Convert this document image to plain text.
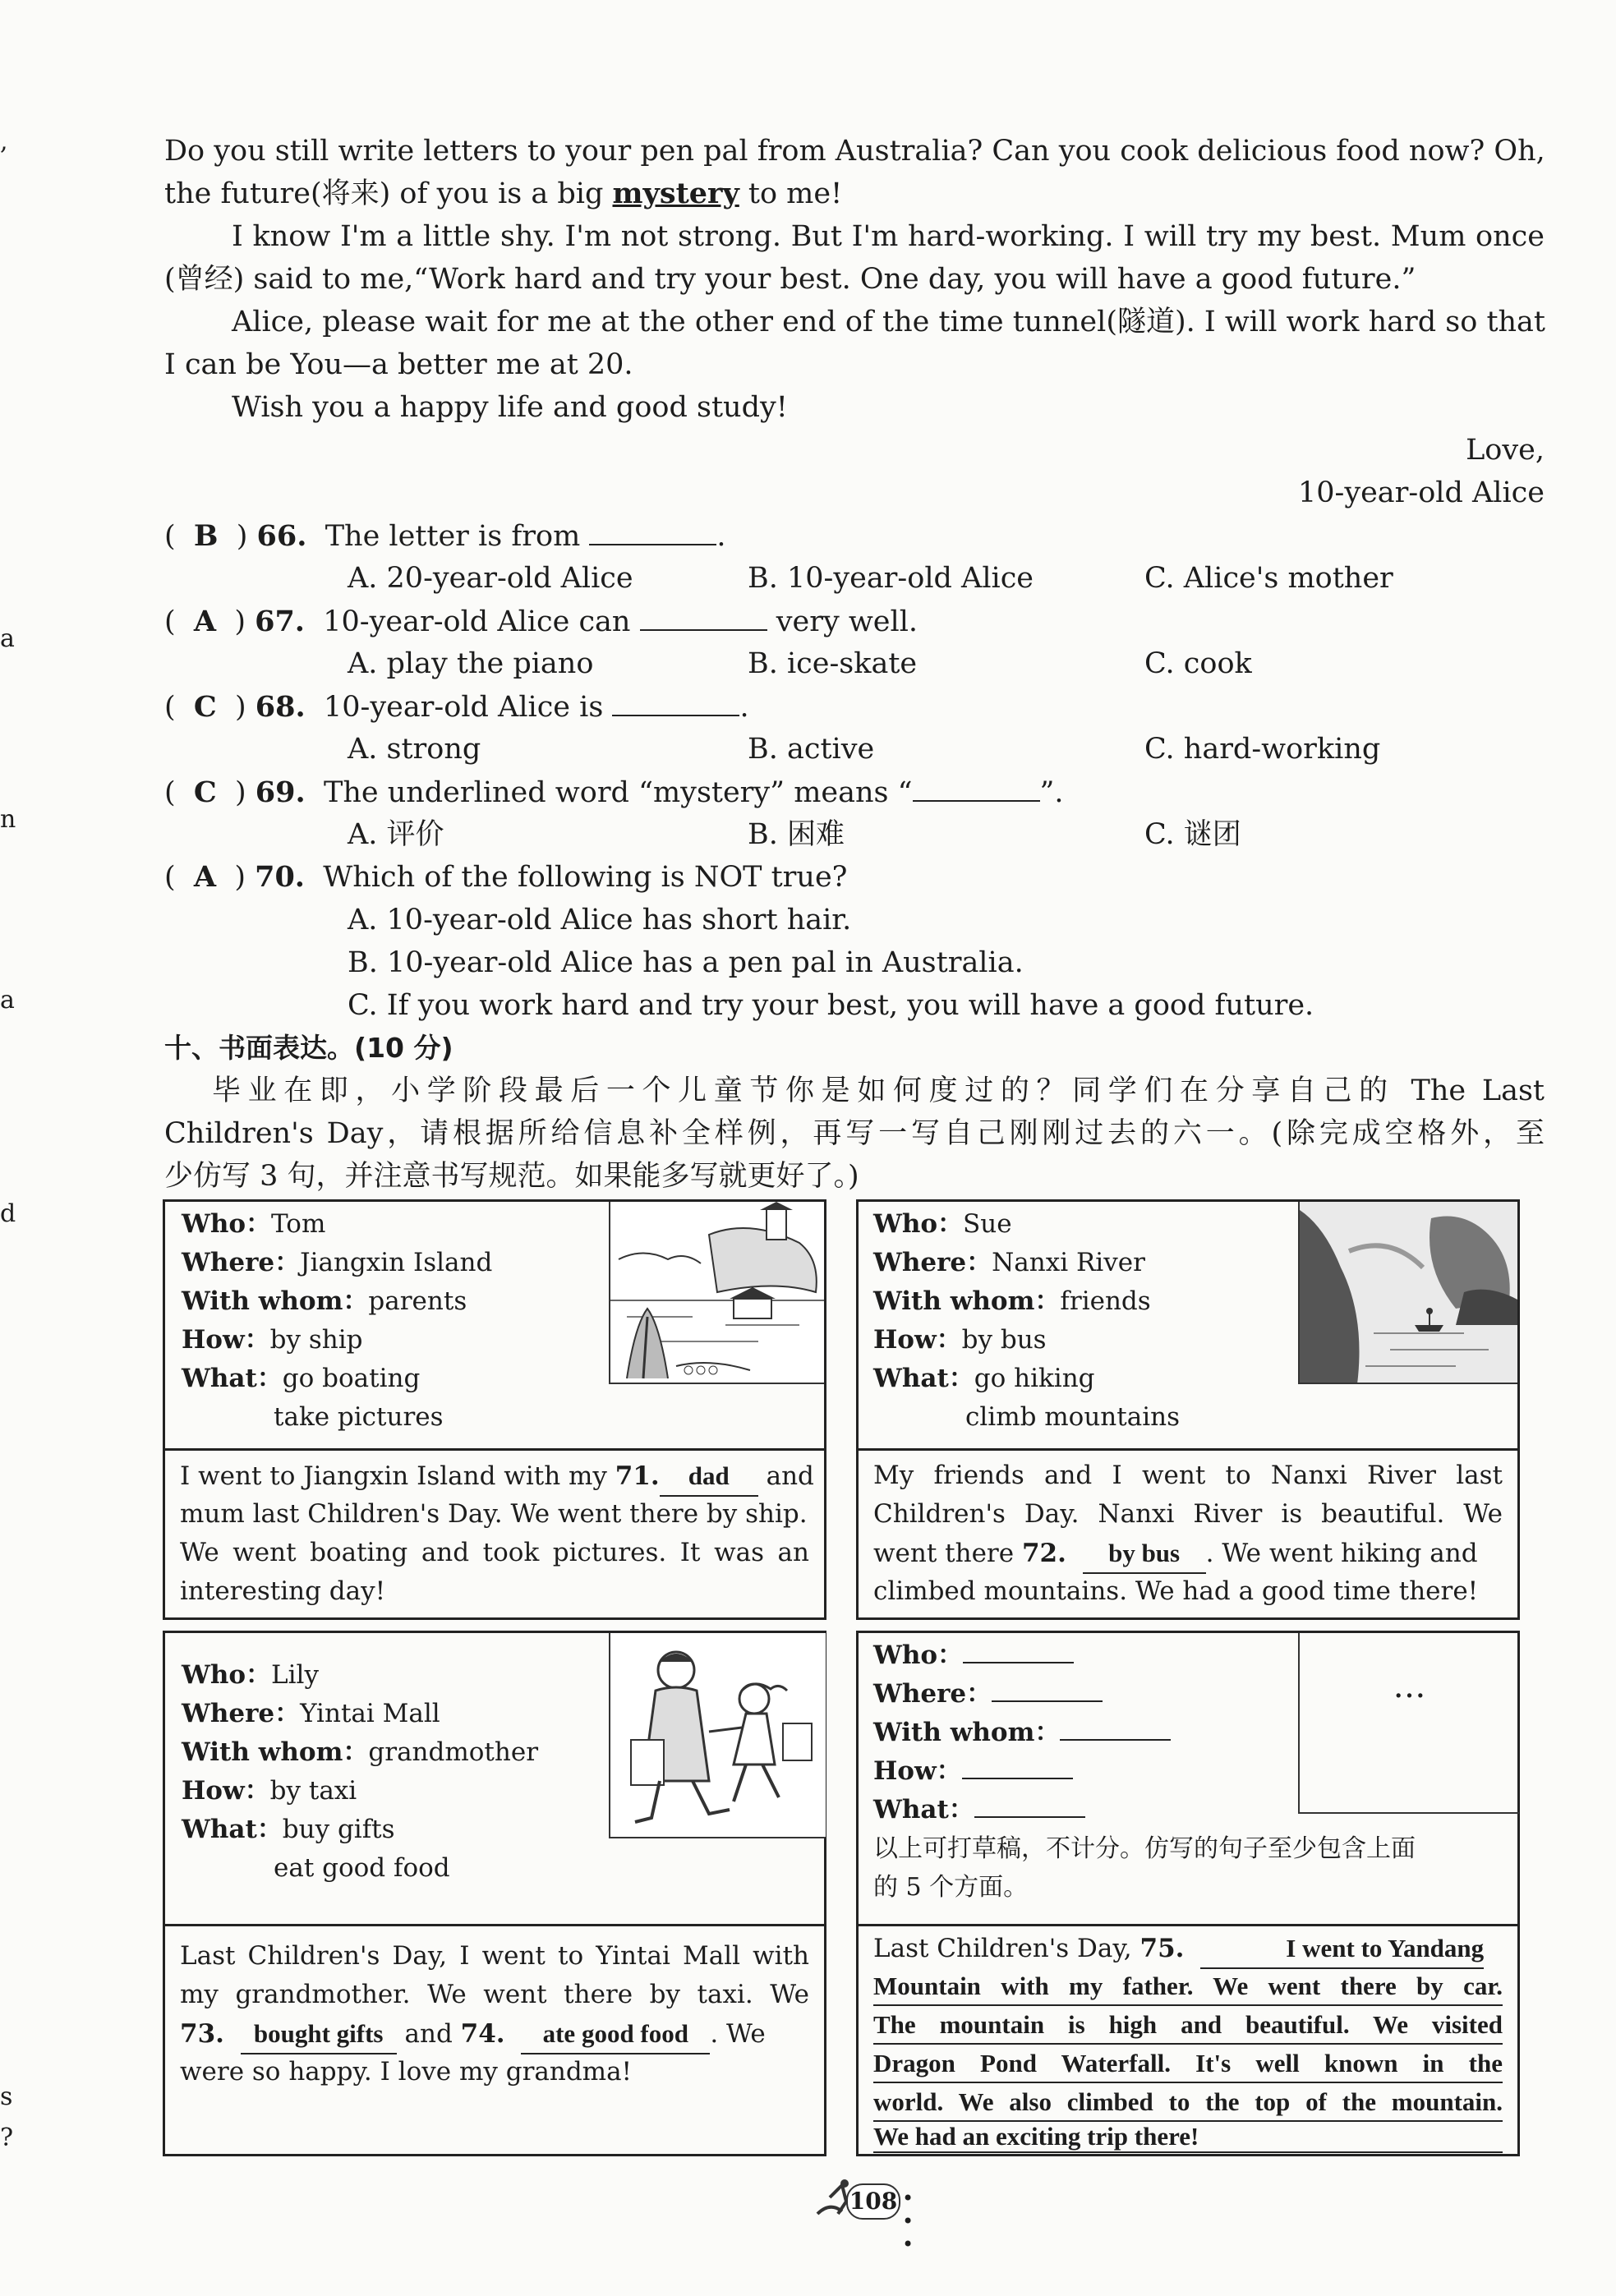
,
a
n
a
d
s
?
Do you still write letters to your pen pal from Australia? Can you cook delicious food now? Oh,
the future(将来) of you is a big mystery to me!
I know I'm a little shy. I'm not strong. But I'm hard-working. I will try my best. Mum once
(曾经) said to me,“Work hard and try your best. One day, you will have a good future.”
Alice, please wait for me at the other end of the time tunnel(隧道). I will work hard so that
I can be You—a better me at 20.
Wish you a happy life and good study!
Love,
10-year-old Alice
(  B  ) 66. The letter is from	.
A. 20-year-old Alice	B. 10-year-old Alice	C. Alice's mother
(  A  ) 67. 10-year-old Alice can	very well.
A. play the piano	B. ice-skate	C. cook
(  C  ) 68. 10-year-old Alice is	.
A. strong	B. active	C. hard-working
(  C  ) 69. The underlined word “mystery” means “	”.
A. 评价	B. 困难	C. 谜团
(  A  ) 70. Which of the following is NOT true?
A. 10-year-old Alice has short hair.
B. 10-year-old Alice has a pen pal in Australia.
C. If you work hard and try your best, you will have a good future.
十、书面表达。(10 分)
毕业在即，小学阶段最后一个儿童节你是如何度过的？同学们在分享自己的 The Last
Children's Day，请根据所给信息补全样例，再写一写自己刚刚过去的六一。(除完成空格外，至
少仿写 3 句，并注意书写规范。如果能多写就更好了。)
Who：Tom
Where：Jiangxin Island
With whom：parents
How：by ship
What：go boating
take pictures
I went to Jiangxin Island with my 71. dad and
mum last Children's Day. We went there by ship.
We went boating and took pictures. It was an
interesting day!
Who：Sue
Where：Nanxi River
With whom：friends
How：by bus
What：go hiking
climb mountains
My friends and I went to Nanxi River last
Children's Day. Nanxi River is beautiful. We
went there 72. by bus . We went hiking and
climbed mountains. We had a good time there!
Who：Lily
Where：Yintai Mall
With whom：grandmother
How：by taxi
What：buy gifts
eat good food
Last Children's Day, I went to Yintai Mall with
my grandmother. We went there by taxi. We
73. bought gifts and 74. ate good food . We
were so happy. I love my grandma!
…
Who：
Where：
With whom：
How：
What：
以上可打草稿，不计分。仿写的句子至少包含上面
的 5 个方面。
Last Children's Day, 75.	I went to Yandang
Mountain with my father. We went there by car.
The mountain is high and beautiful. We visited
Dragon Pond Waterfall. It's well known in the
world. We also climbed to the top of the mountain.
We had an exciting trip there!
108 • • •
